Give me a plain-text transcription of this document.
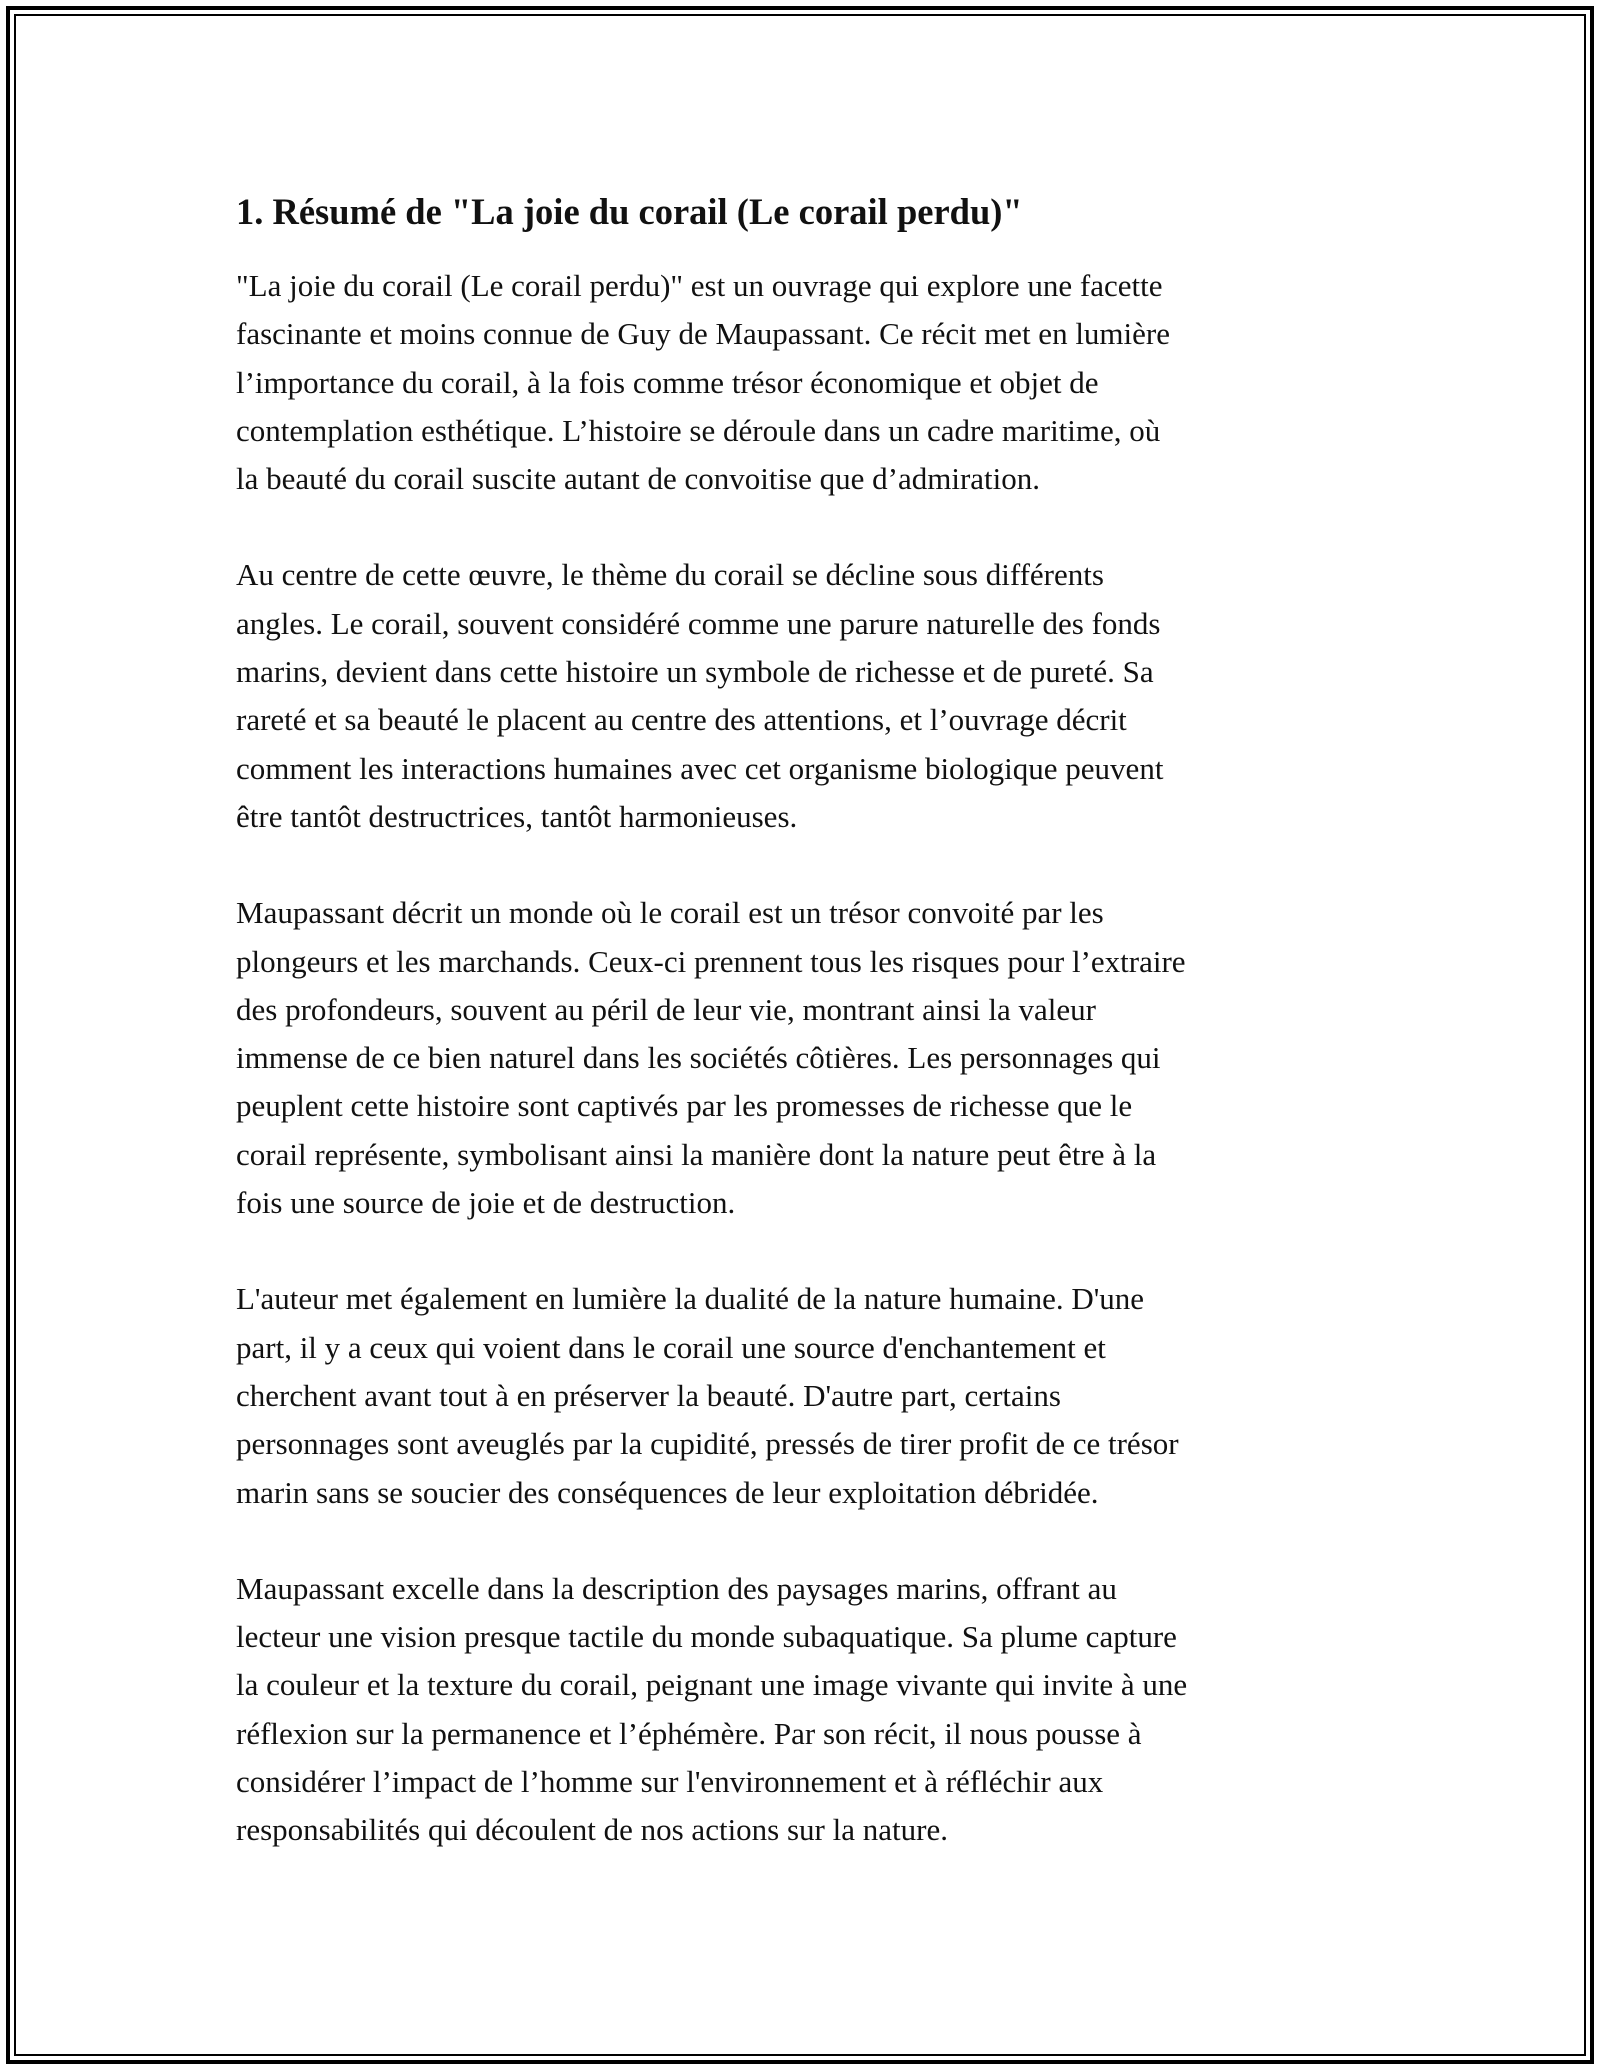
1. Résumé de "La joie du corail (Le corail perdu)"

"La joie du corail (Le corail perdu)" est un ouvrage qui explore une facette
fascinante et moins connue de Guy de Maupassant. Ce récit met en lumière
l’importance du corail, à la fois comme trésor économique et objet de
contemplation esthétique. L’histoire se déroule dans un cadre maritime, où
la beauté du corail suscite autant de convoitise que d’admiration.

Au centre de cette œuvre, le thème du corail se décline sous différents
angles. Le corail, souvent considéré comme une parure naturelle des fonds
marins, devient dans cette histoire un symbole de richesse et de pureté. Sa
rareté et sa beauté le placent au centre des attentions, et l’ouvrage décrit
comment les interactions humaines avec cet organisme biologique peuvent
être tantôt destructrices, tantôt harmonieuses.

Maupassant décrit un monde où le corail est un trésor convoité par les
plongeurs et les marchands. Ceux-ci prennent tous les risques pour l’extraire
des profondeurs, souvent au péril de leur vie, montrant ainsi la valeur
immense de ce bien naturel dans les sociétés côtières. Les personnages qui
peuplent cette histoire sont captivés par les promesses de richesse que le
corail représente, symbolisant ainsi la manière dont la nature peut être à la
fois une source de joie et de destruction.

L'auteur met également en lumière la dualité de la nature humaine. D'une
part, il y a ceux qui voient dans le corail une source d'enchantement et
cherchent avant tout à en préserver la beauté. D'autre part, certains
personnages sont aveuglés par la cupidité, pressés de tirer profit de ce trésor
marin sans se soucier des conséquences de leur exploitation débridée.

Maupassant excelle dans la description des paysages marins, offrant au
lecteur une vision presque tactile du monde subaquatique. Sa plume capture
la couleur et la texture du corail, peignant une image vivante qui invite à une
réflexion sur la permanence et l’éphémère. Par son récit, il nous pousse à
considérer l’impact de l’homme sur l'environnement et à réfléchir aux
responsabilités qui découlent de nos actions sur la nature.
